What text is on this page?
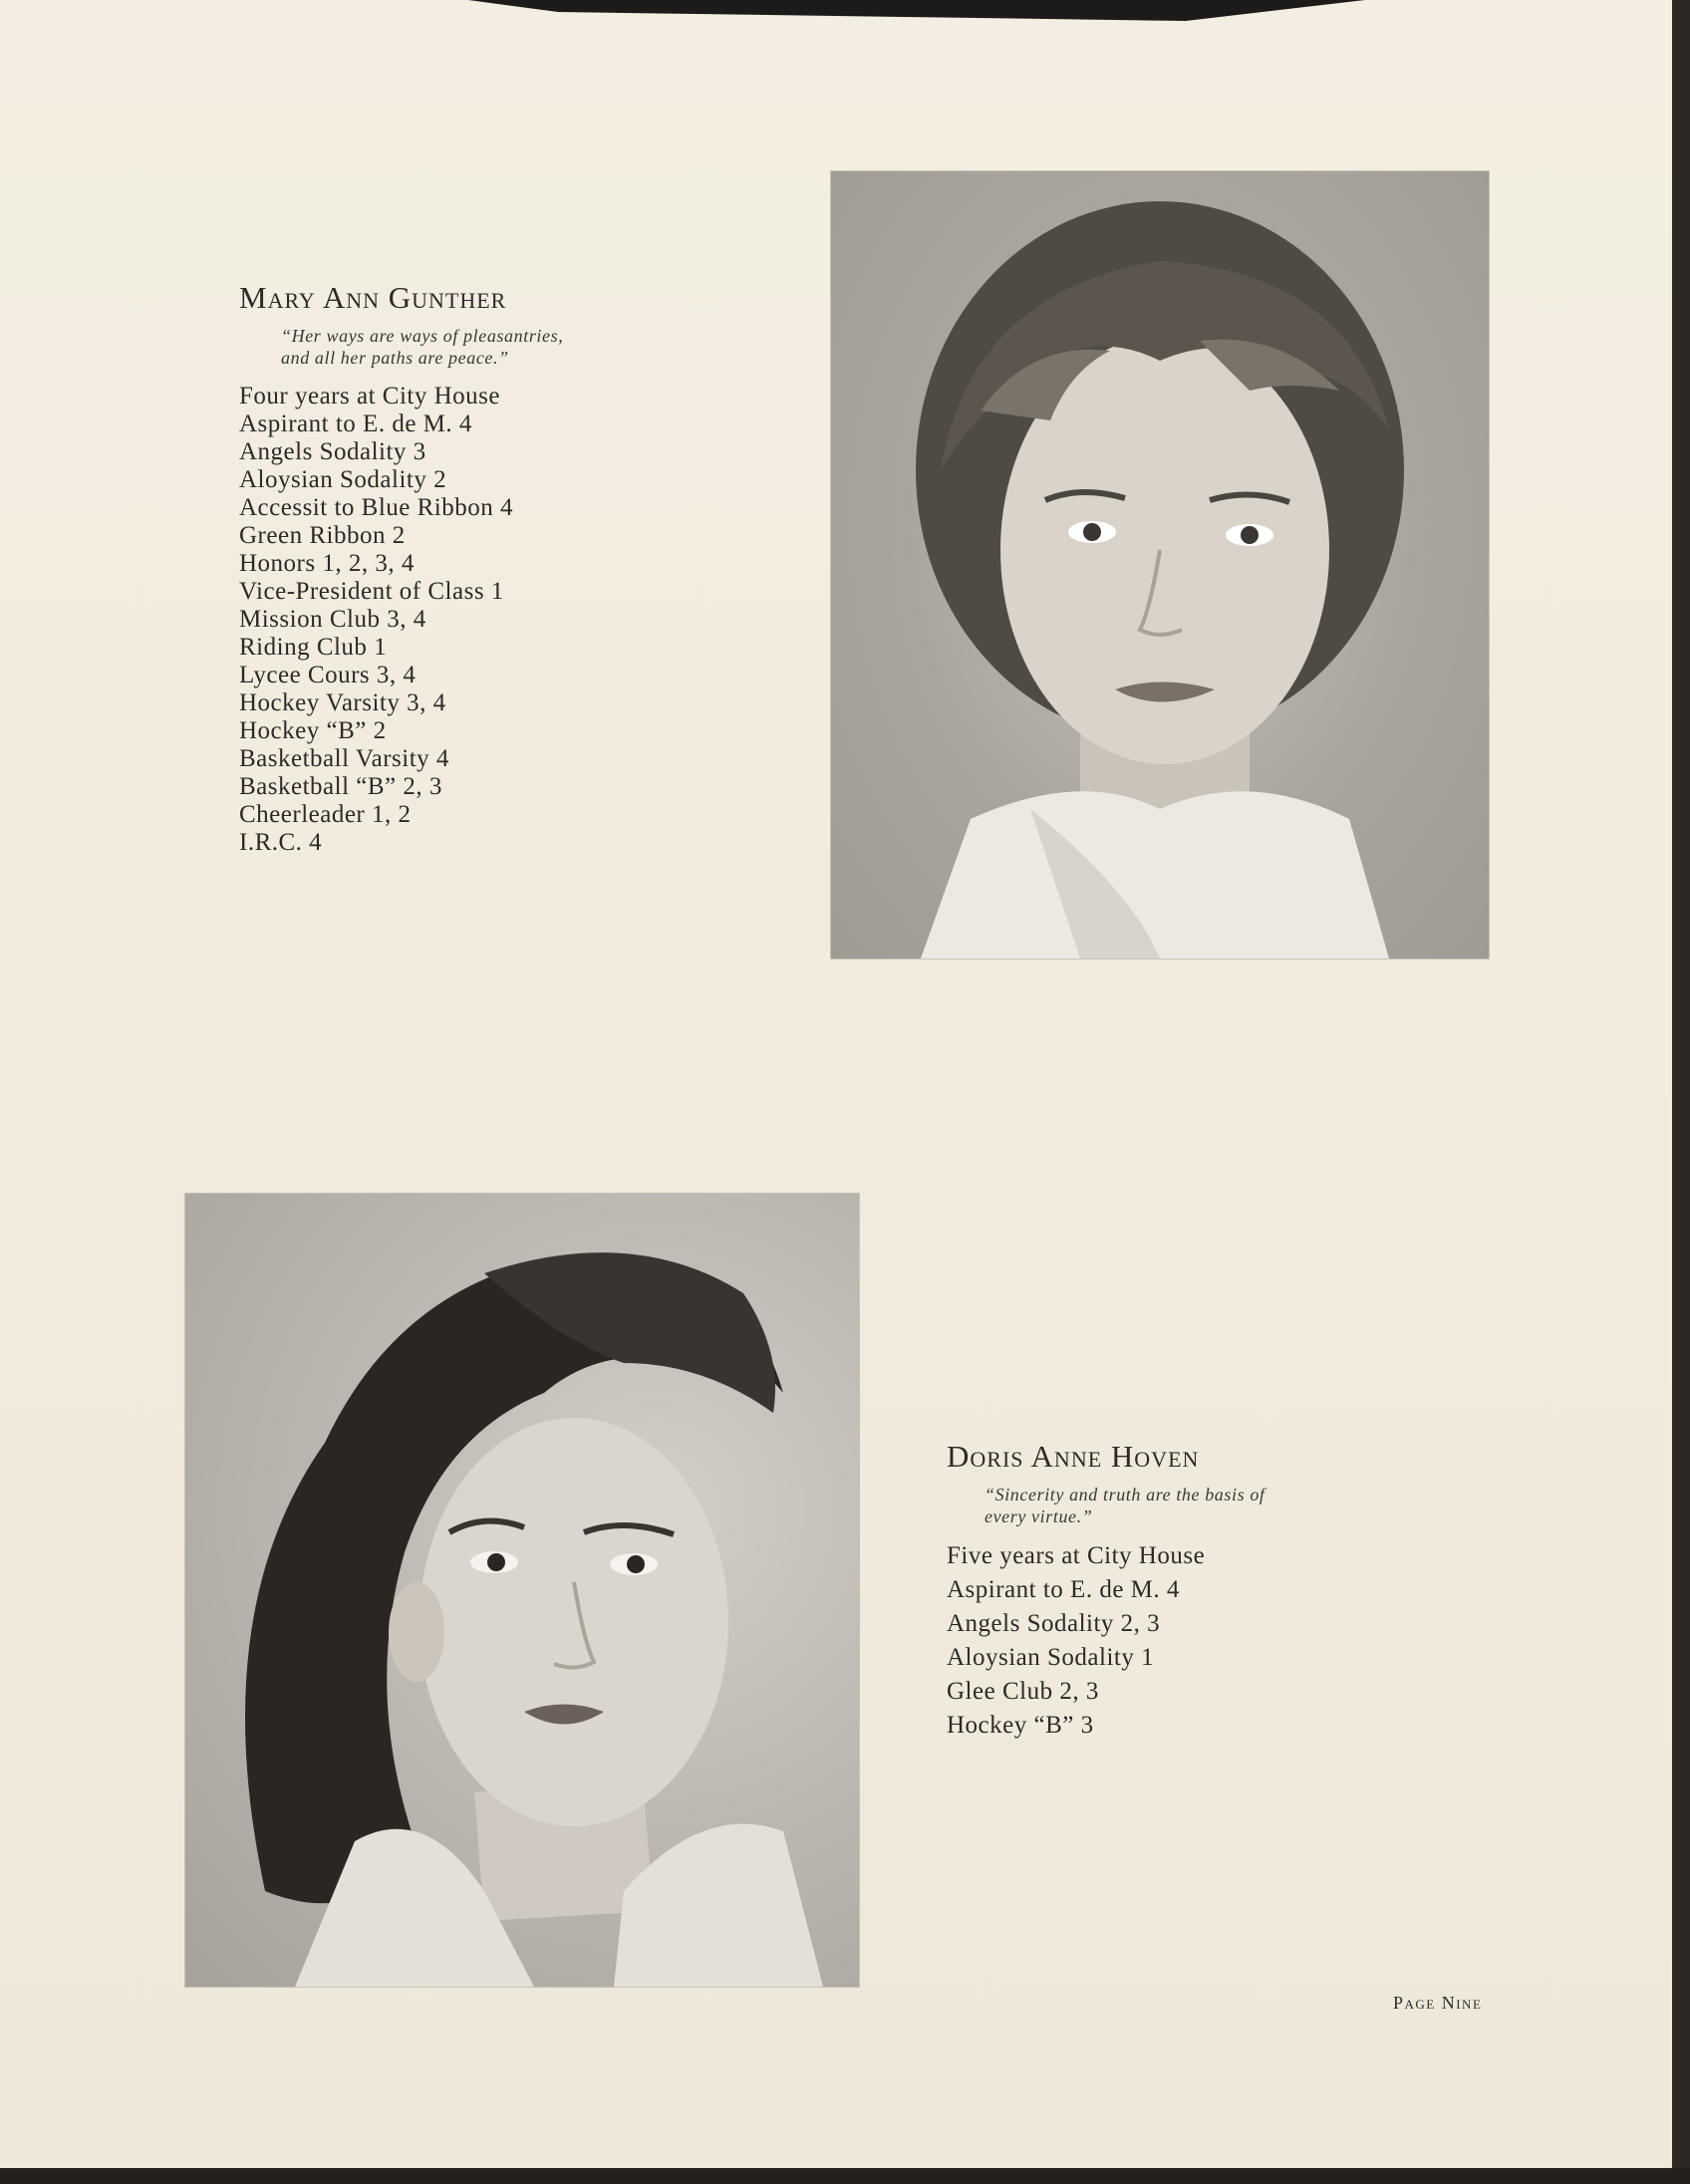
Mary Ann Gunther
“Her ways are ways of pleasantries,
and all her paths are peace.”
Four years at City House
Aspirant to E. de M. 4
Angels Sodality 3
Aloysian Sodality 2
Accessit to Blue Ribbon 4
Green Ribbon 2
Honors 1, 2, 3, 4
Vice-President of Class 1
Mission Club 3, 4
Riding Club 1
Lycee Cours 3, 4
Hockey Varsity 3, 4
Hockey “B” 2
Basketball Varsity 4
Basketball “B” 2, 3
Cheerleader 1, 2
I.R.C. 4
Doris Anne Hoven
“Sincerity and truth are the basis of
every virtue.”
Five years at City House
Aspirant to E. de M. 4
Angels Sodality 2, 3
Aloysian Sodality 1
Glee Club 2, 3
Hockey “B” 3
Page Nine
